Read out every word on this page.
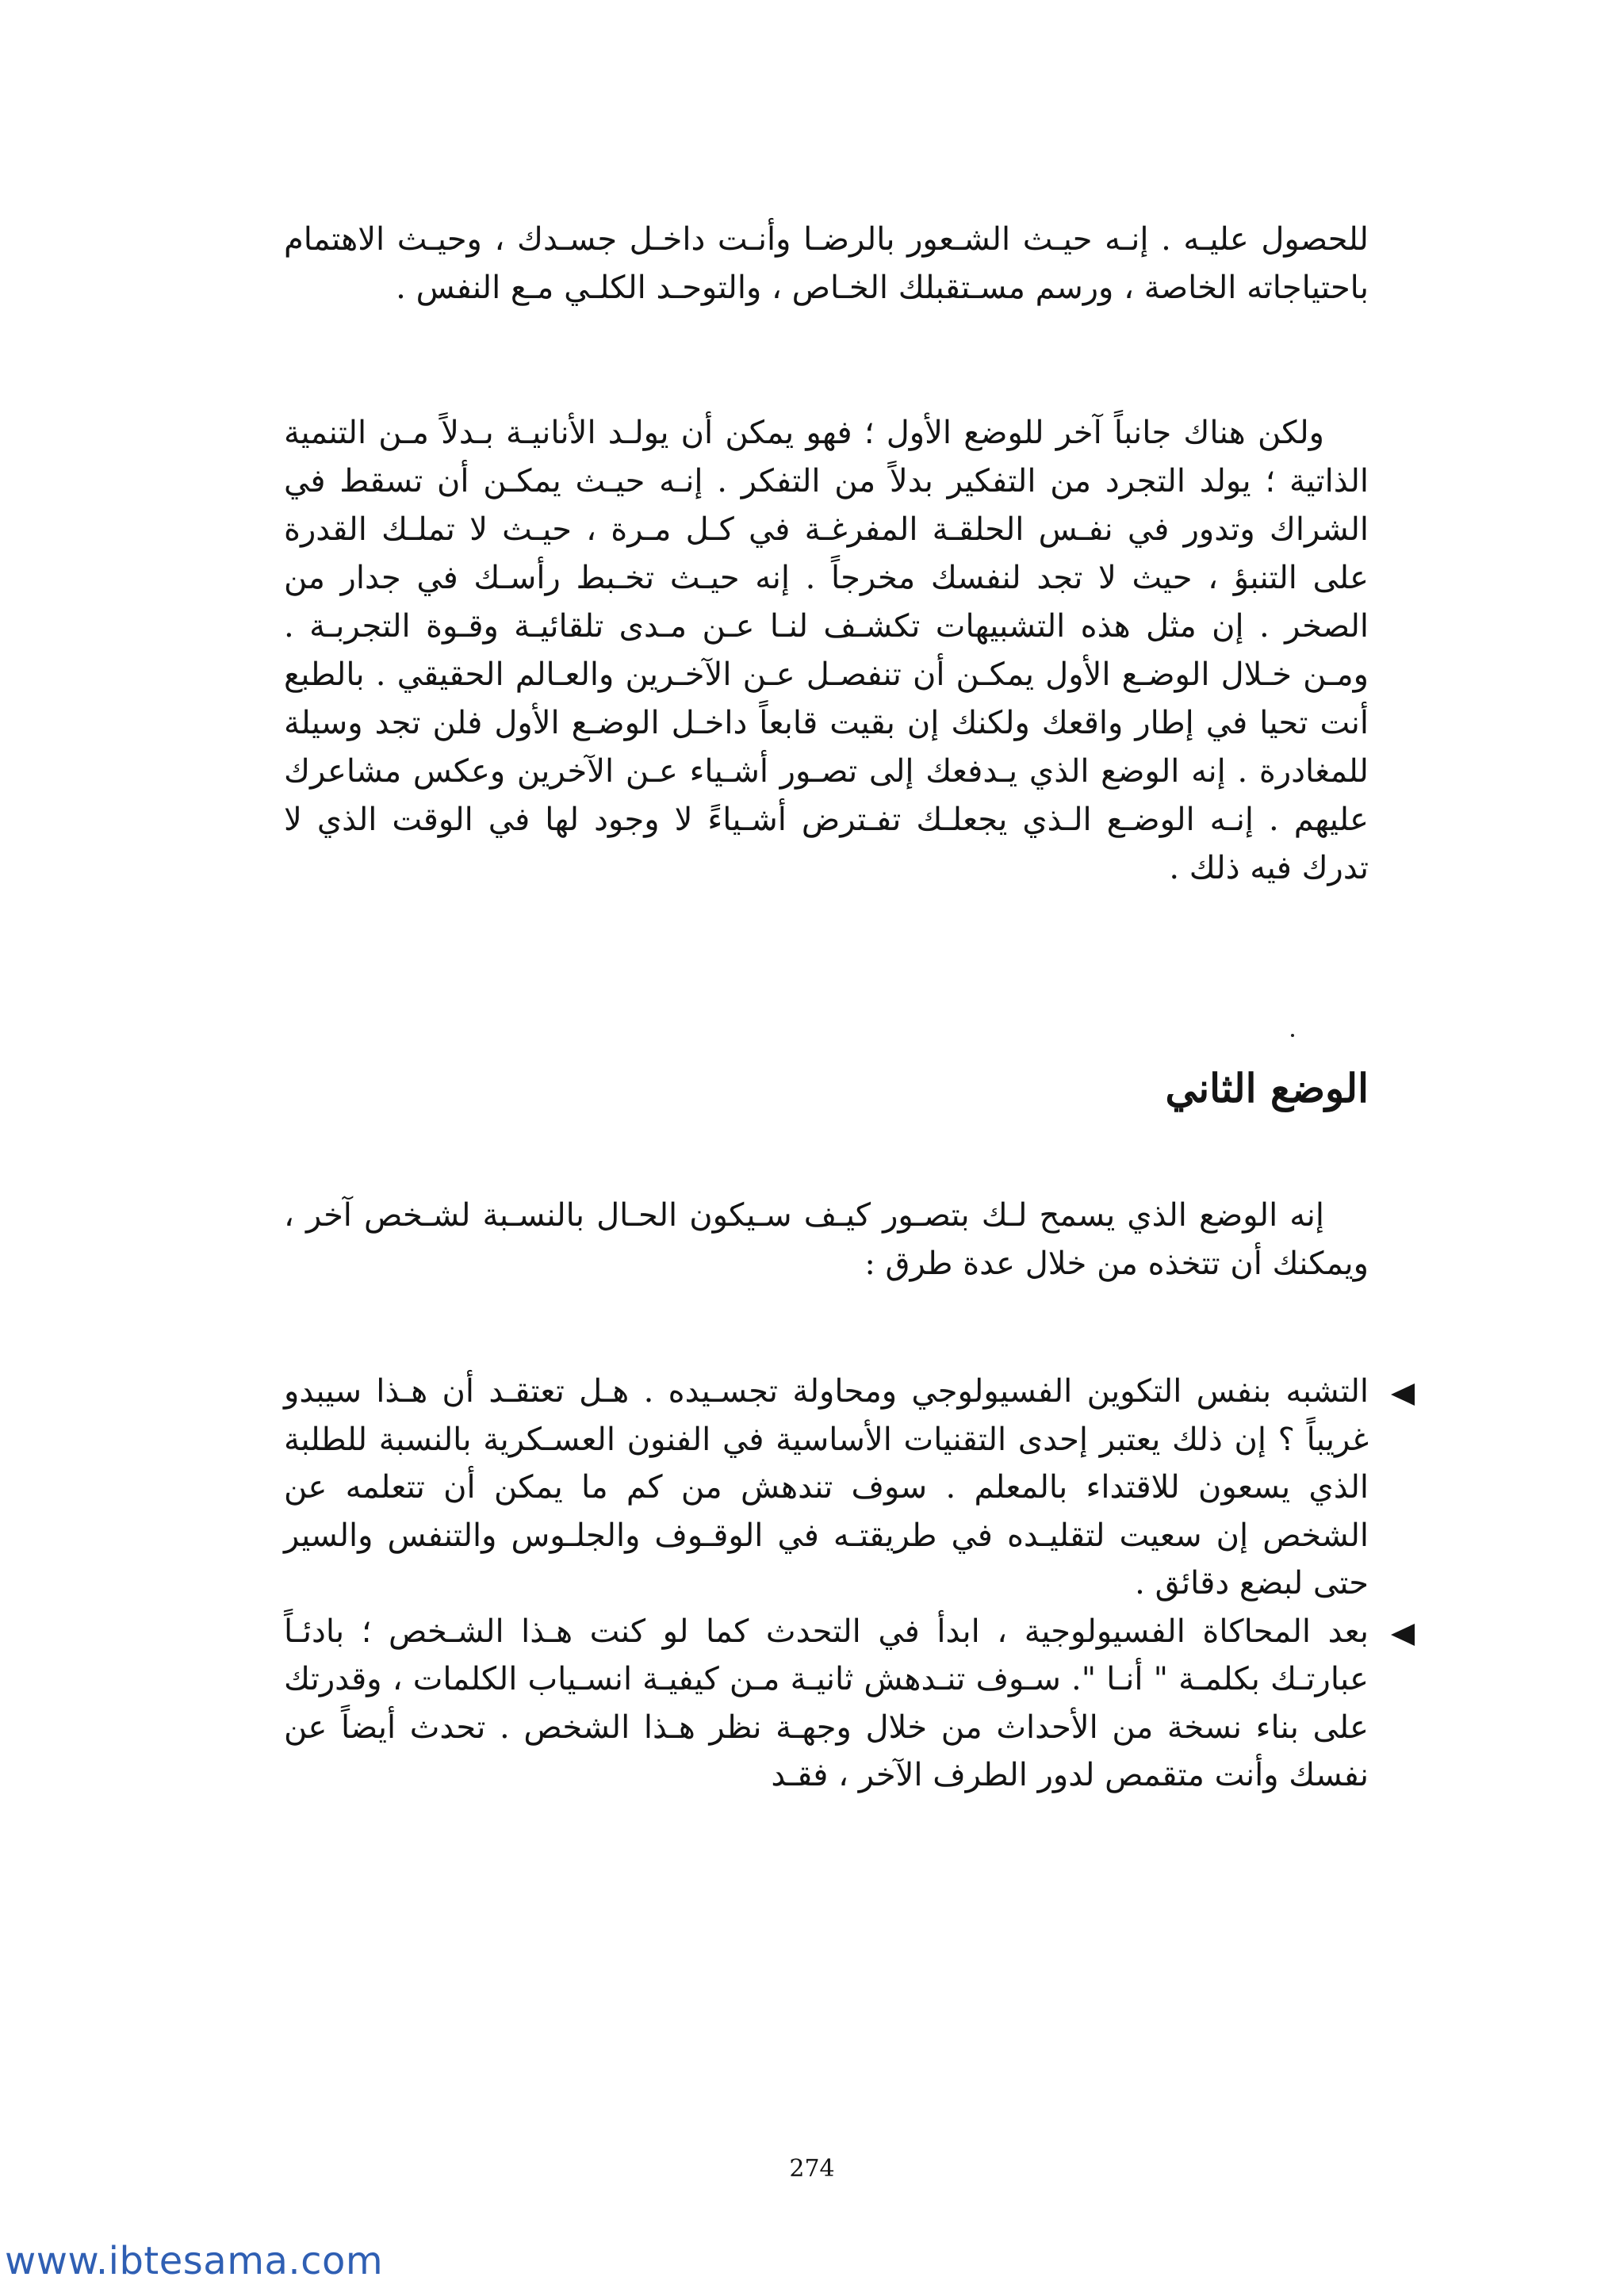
للحصول عليـه . إنـه حيـث الشـعور بالرضـا وأنـت داخـل جسـدك ، وحيـث الاهتمام باحتياجاته الخاصة ، ورسم مسـتقبلك الخـاص ، والتوحـد الكلـي مـع النفس .

ولكن هناك جانباً آخر للوضع الأول ؛ فهو يمكن أن يولـد الأنانيـة بـدلاً مـن التنمية الذاتية ؛ يولد التجرد من التفكير بدلاً من التفكر . إنـه حيـث يمكـن أن تسقط في الشراك وتدور في نفـس الحلقـة المفرغـة في كـل مـرة ، حيـث لا تملـك القدرة على التنبؤ ، حيث لا تجد لنفسك مخرجاً . إنه حيـث تخـبط رأسـك في جدار من الصخر . إن مثل هذه التشبيهات تكشـف لنـا عـن مـدى تلقائيـة وقـوة التجربـة . ومـن خـلال الوضـع الأول يمكـن أن تنفصـل عـن الآخـرين والعـالم الحقيقي . بالطبع أنت تحيا في إطار واقعك ولكنك إن بقيت قابعاً داخـل الوضـع الأول فلن تجد وسيلة للمغادرة . إنه الوضع الذي يـدفعك إلى تصـور أشـياء عـن الآخرين وعكس مشاعرك عليهم . إنـه الوضـع الـذي يجعلـك تفـترض أشـياءً لا وجود لها في الوقت الذي لا تدرك فيه ذلك .

الوضع الثاني

إنه الوضع الذي يسمح لـك بتصـور كيـف سـيكون الحـال بالنسـبة لشـخص آخر ، ويمكنك أن تتخذه من خلال عدة طرق :

التشبه بنفس التكوين الفسيولوجي ومحاولة تجسـيده . هـل تعتقـد أن هـذا سيبدو غريباً ؟ إن ذلك يعتبر إحدى التقنيات الأساسية في الفنون العسـكرية بالنسبة للطلبة الذي يسعون للاقتداء بالمعلم . سوف تندهش من كم ما يمكن أن تتعلمه عن الشخص إن سعيت لتقليـده في طريقتـه في الوقـوف والجلـوس والتنفس والسير حتى لبضع دقائق .
بعد المحاكاة الفسيولوجية ، ابدأ في التحدث كما لو كنت هـذا الشـخص ؛ بادئـاً عبارتـك بكلمـة " أنـا ". سـوف تنـدهش ثانيـة مـن كيفيـة انسـياب الكلمات ، وقدرتك على بناء نسخة من الأحداث من خلال وجهـة نظر هـذا الشخص . تحدث أيضاً عن نفسك وأنت متقمص لدور الطرف الآخر ، فقـد
274
www.ibtesama.com
